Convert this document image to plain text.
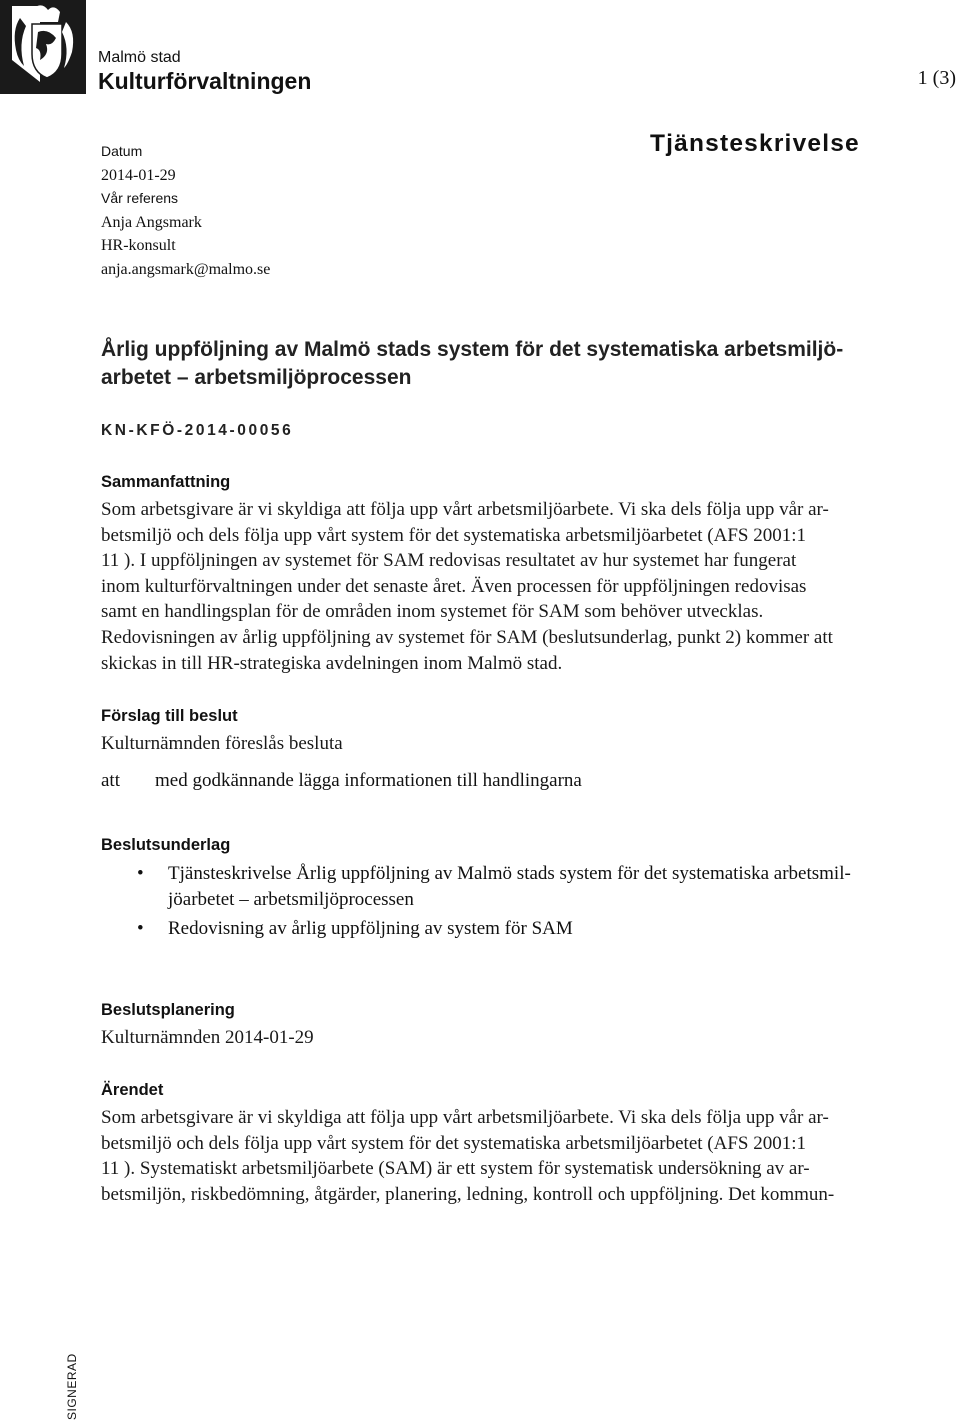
Malmö stad
Kulturförvaltningen	1 (3)
Datum
2014-01-29
Vår referens
Anja Angsmark
HR-konsult
anja.angsmark@malmo.se
Tjänsteskrivelse
Årlig uppföljning av Malmö stads system för det systematiska arbetsmiljö-
arbetet – arbetsmiljöprocessen
KN-KFÖ-2014-00056
Sammanfattning
Som arbetsgivare är vi skyldiga att följa upp vårt arbetsmiljöarbete. Vi ska dels följa upp vår ar-
betsmiljö och dels följa upp vårt system för det systematiska arbetsmiljöarbetet (AFS 2001:1
11 ). I uppföljningen av systemet för SAM redovisas resultatet av hur systemet har fungerat
inom kulturförvaltningen under det senaste året. Även processen för uppföljningen redovisas
samt en handlingsplan för de områden inom systemet för SAM som behöver utvecklas.
Redovisningen av årlig uppföljning av systemet för SAM (beslutsunderlag, punkt 2) kommer att
skickas in till HR-strategiska avdelningen inom Malmö stad.
Förslag till beslut
Kulturnämnden föreslås besluta
att med godkännande lägga informationen till handlingarna
Beslutsunderlag
• Tjänsteskrivelse Årlig uppföljning av Malmö stads system för det systematiska arbetsmil-
jöarbetet – arbetsmiljöprocessen
• Redovisning av årlig uppföljning av system för SAM
Beslutsplanering
Kulturnämnden 2014-01-29
Ärendet
Som arbetsgivare är vi skyldiga att följa upp vårt arbetsmiljöarbete. Vi ska dels följa upp vår ar-
betsmiljö och dels följa upp vårt system för det systematiska arbetsmiljöarbetet (AFS 2001:1
11 ). Systematiskt arbetsmiljöarbete (SAM) är ett system för systematisk undersökning av ar-
betsmiljön, riskbedömning, åtgärder, planering, ledning, kontroll och uppföljning. Det kommun-
SIGNERAD
